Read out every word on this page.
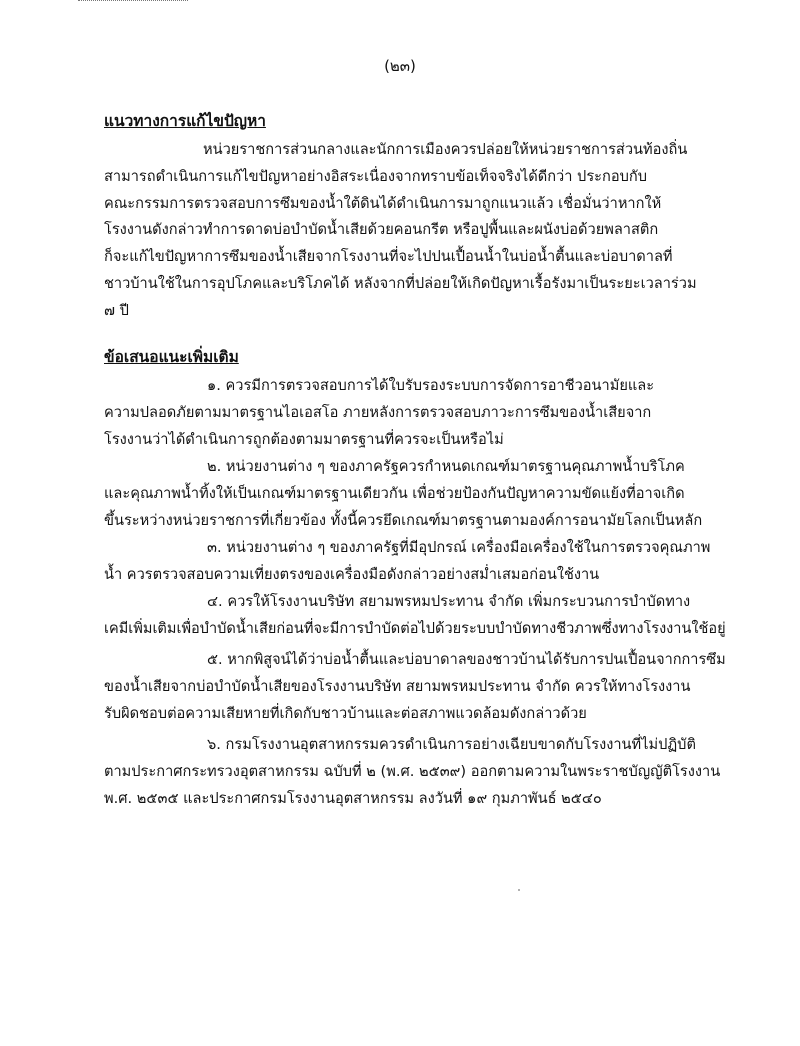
(๒๓)
แนวทางการแก้ไขปัญหา
หน่วยราชการส่วนกลางและนักการเมืองควรปล่อยให้หน่วยราชการส่วนท้องถิ่น
สามารถดำเนินการแก้ไขปัญหาอย่างอิสระเนื่องจากทราบข้อเท็จจริงได้ดีกว่า ประกอบกับ
คณะกรรมการตรวจสอบการซึมของน้ำใต้ดินได้ดำเนินการมาถูกแนวแล้ว เชื่อมั่นว่าหากให้
โรงงานดังกล่าวทำการดาดบ่อบำบัดน้ำเสียด้วยคอนกรีต หรือปูพื้นและผนังบ่อด้วยพลาสติก
ก็จะแก้ไขปัญหาการซึมของน้ำเสียจากโรงงานที่จะไปปนเปื้อนน้ำในบ่อน้ำตื้นและบ่อบาดาลที่
ชาวบ้านใช้ในการอุปโภคและบริโภคได้ หลังจากที่ปล่อยให้เกิดปัญหาเรื้อรังมาเป็นระยะเวลาร่วม
๗ ปี
ข้อเสนอแนะเพิ่มเติม
๑. ควรมีการตรวจสอบการได้ใบรับรองระบบการจัดการอาชีวอนามัยและ
ความปลอดภัยตามมาตรฐานไอเอสโอ ภายหลังการตรวจสอบภาวะการซึมของน้ำเสียจาก
โรงงานว่าได้ดำเนินการถูกต้องตามมาตรฐานที่ควรจะเป็นหรือไม่
๒. หน่วยงานต่าง ๆ ของภาครัฐควรกำหนดเกณฑ์มาตรฐานคุณภาพน้ำบริโภค
และคุณภาพน้ำทิ้งให้เป็นเกณฑ์มาตรฐานเดียวกัน เพื่อช่วยป้องกันปัญหาความขัดแย้งที่อาจเกิด
ขึ้นระหว่างหน่วยราชการที่เกี่ยวข้อง ทั้งนี้ควรยึดเกณฑ์มาตรฐานตามองค์การอนามัยโลกเป็นหลัก
๓. หน่วยงานต่าง ๆ ของภาครัฐที่มีอุปกรณ์ เครื่องมือเครื่องใช้ในการตรวจคุณภาพ
น้ำ ควรตรวจสอบความเที่ยงตรงของเครื่องมือดังกล่าวอย่างสม่ำเสมอก่อนใช้งาน
๔. ควรให้โรงงานบริษัท สยามพรหมประทาน จำกัด เพิ่มกระบวนการบำบัดทาง
เคมีเพิ่มเติมเพื่อบำบัดน้ำเสียก่อนที่จะมีการบำบัดต่อไปด้วยระบบบำบัดทางชีวภาพซึ่งทางโรงงานใช้อยู่
๕. หากพิสูจน์ได้ว่าบ่อน้ำตื้นและบ่อบาดาลของชาวบ้านได้รับการปนเปื้อนจากการซึม
ของน้ำเสียจากบ่อบำบัดน้ำเสียของโรงงานบริษัท สยามพรหมประทาน จำกัด ควรให้ทางโรงงาน
รับผิดชอบต่อความเสียหายที่เกิดกับชาวบ้านและต่อสภาพแวดล้อมดังกล่าวด้วย
๖. กรมโรงงานอุตสาหกรรมควรดำเนินการอย่างเฉียบขาดกับโรงงานที่ไม่ปฏิบัติ
ตามประกาศกระทรวงอุตสาหกรรม ฉบับที่ ๒ (พ.ศ. ๒๕๓๙) ออกตามความในพระราชบัญญัติโรงงาน
พ.ศ. ๒๕๓๕ และประกาศกรมโรงงานอุตสาหกรรม ลงวันที่ ๑๙ กุมภาพันธ์ ๒๕๔๐
